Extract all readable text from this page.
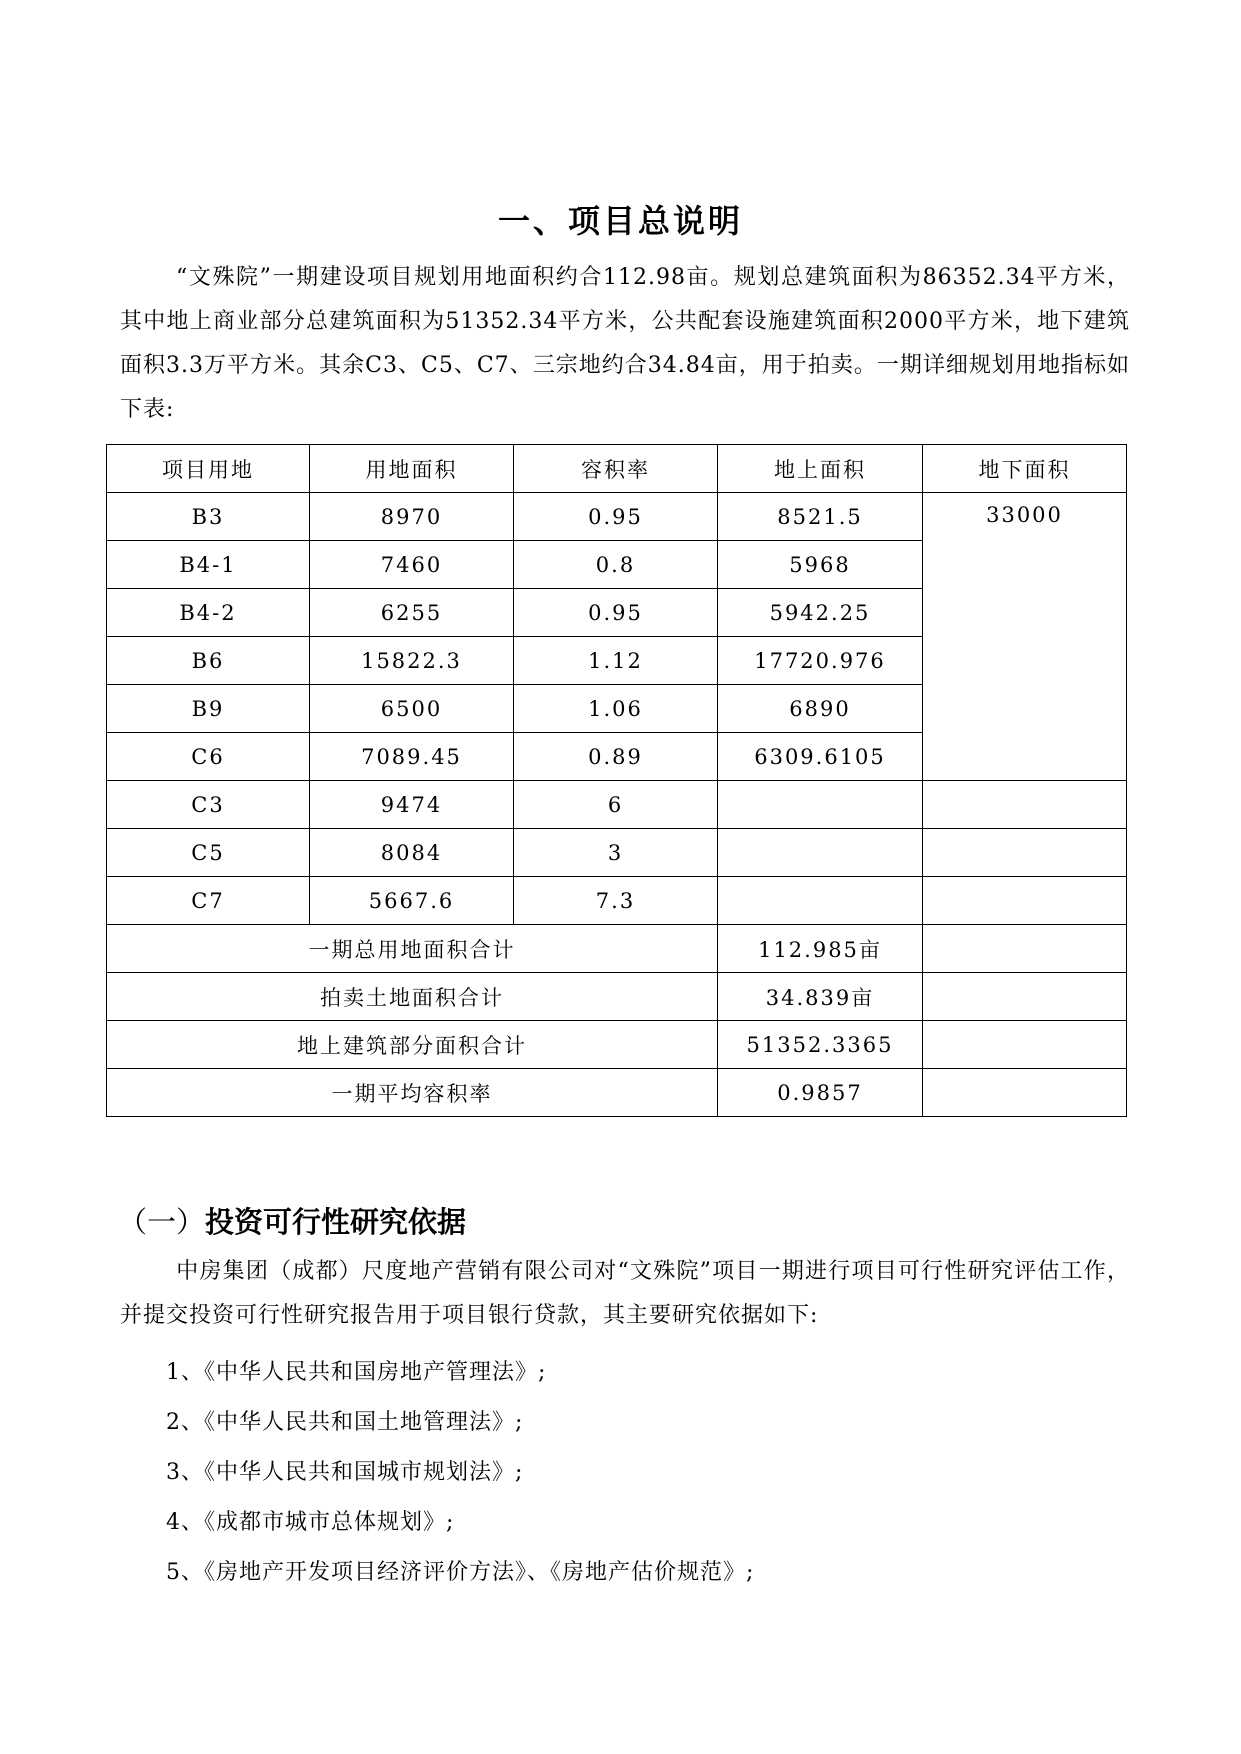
一、项目总说明
“文殊院”一期建设项目规划用地面积约合112.98亩。规划总建筑面积为86352.34平方米，其中地上商业部分总建筑面积为51352.34平方米，公共配套设施建筑面积2000平方米，地下建筑面积3.3万平方米。其余C3、C5、C7、三宗地约合34.84亩，用于拍卖。一期详细规划用地指标如下表:
项目用地	用地面积	容积率	地上面积	地下面积
B3	8970	0.95	8521.5	33000
B4-1	7460	0.8	5968	
B4-2	6255	0.95	5942.25	
B6	15822.3	1.12	17720.976	
B9	6500	1.06	6890	
C6	7089.45	0.89	6309.6105	
C3	9474	6		
C5	8084	3		
C7	5667.6	7.3		
一期总用地面积合计			112.985亩	
拍卖土地面积合计			34.839亩	
地上建筑部分面积合计			51352.3365	
一期平均容积率			0.9857	
（一）投资可行性研究依据
中房集团（成都）尺度地产营销有限公司对“文殊院”项目一期进行项目可行性研究评估工作，并提交投资可行性研究报告用于项目银行贷款，其主要研究依据如下:
1、《中华人民共和国房地产管理法》;
2、《中华人民共和国土地管理法》;
3、《中华人民共和国城市规划法》;
4、《成都市城市总体规划》;
5、《房地产开发项目经济评价方法》、《房地产估价规范》;
